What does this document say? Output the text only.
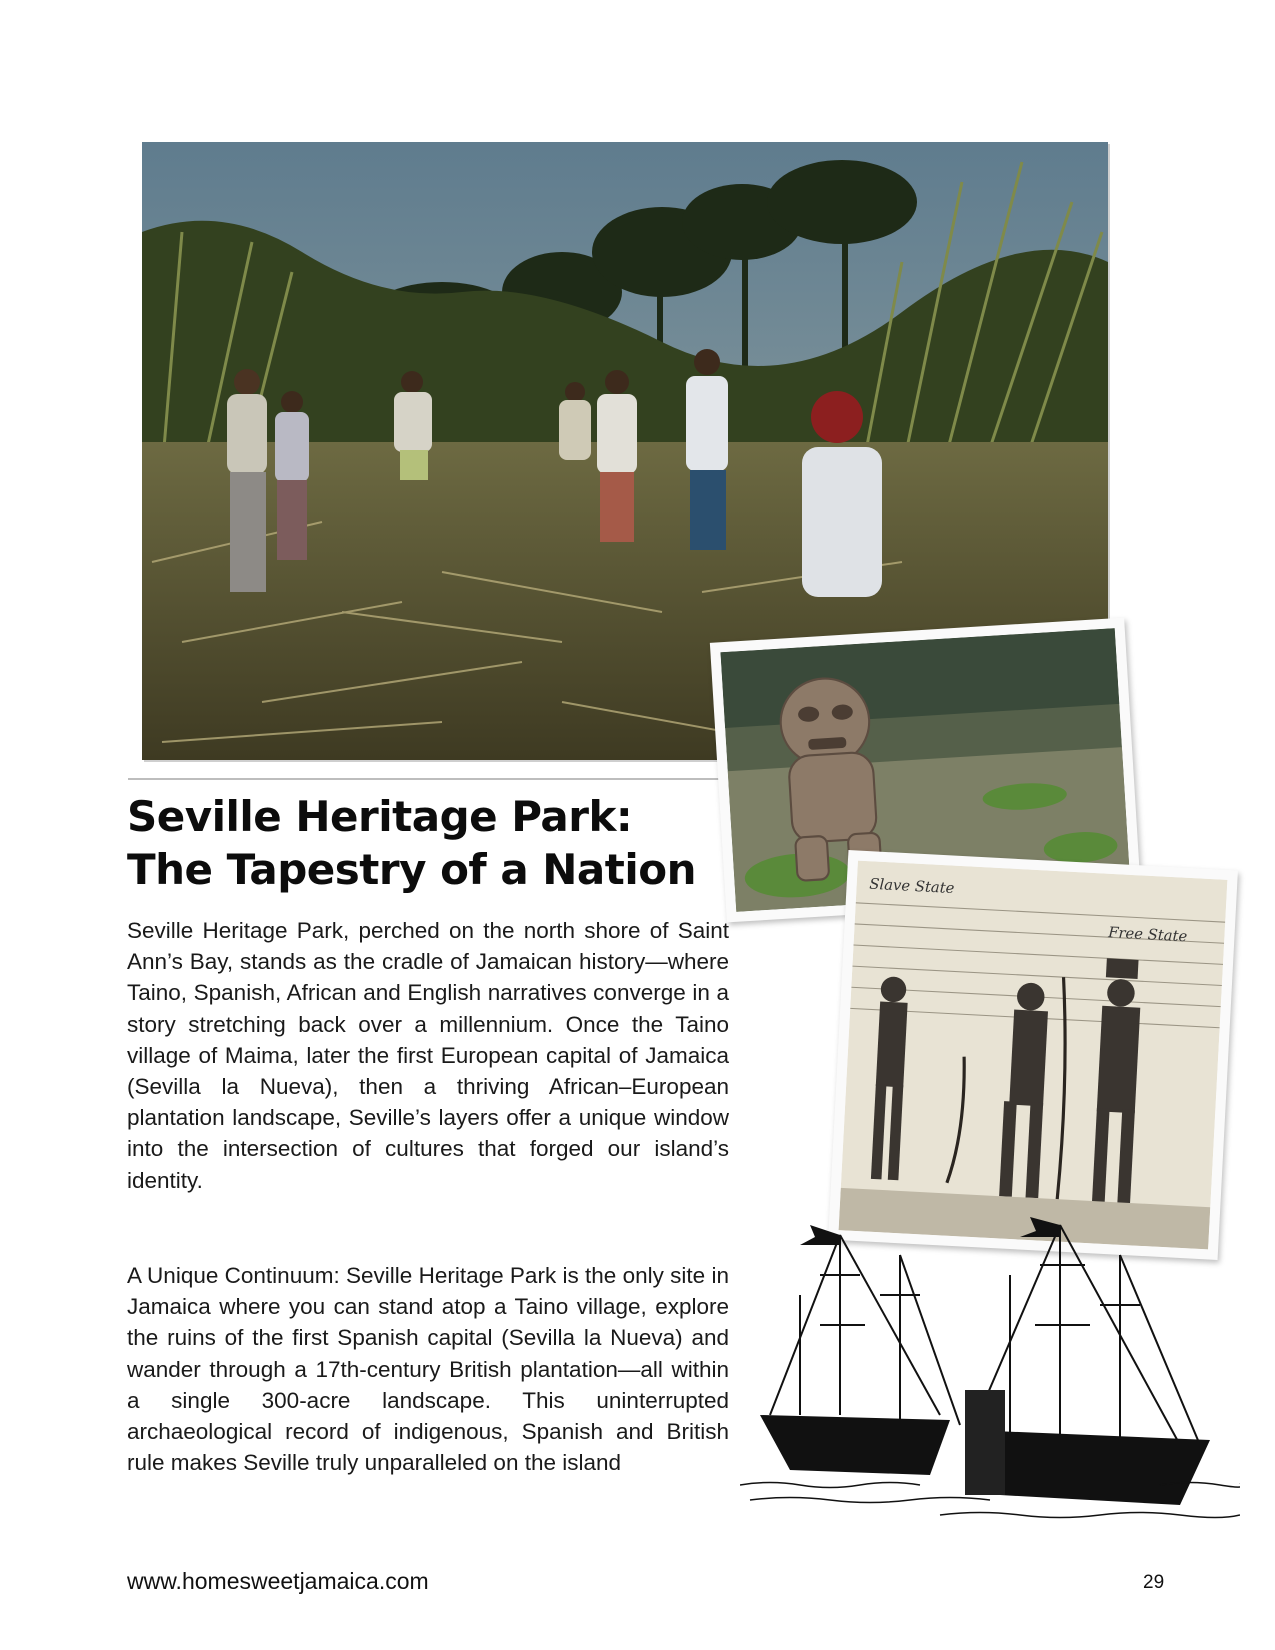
Seville Heritage Park:
The Tapestry of a Nation

Seville Heritage Park, perched on the north shore of Saint Ann’s Bay, stands as the cradle of Jamaican history—where Taino, Spanish, African and English narratives converge in a story stretching back over a millennium. Once the Taino village of Maima, later the first European capital of Jamaica (Sevilla la Nueva), then a thriving African–European plantation landscape, Seville’s layers offer a unique window into the intersection of cultures that forged our island’s identity.

A Unique Continuum: Seville Heritage Park is the only site in Jamaica where you can stand atop a Taino village, explore the ruins of the first Spanish capital (Sevilla la Nueva) and wander through a 17th-century British plantation—all within a single 300-acre landscape. This uninterrupted archaeological record of indigenous, Spanish and British rule makes Seville truly unparalleled on the island

Slave State
Free State
www.homesweetjamaica.com	29
